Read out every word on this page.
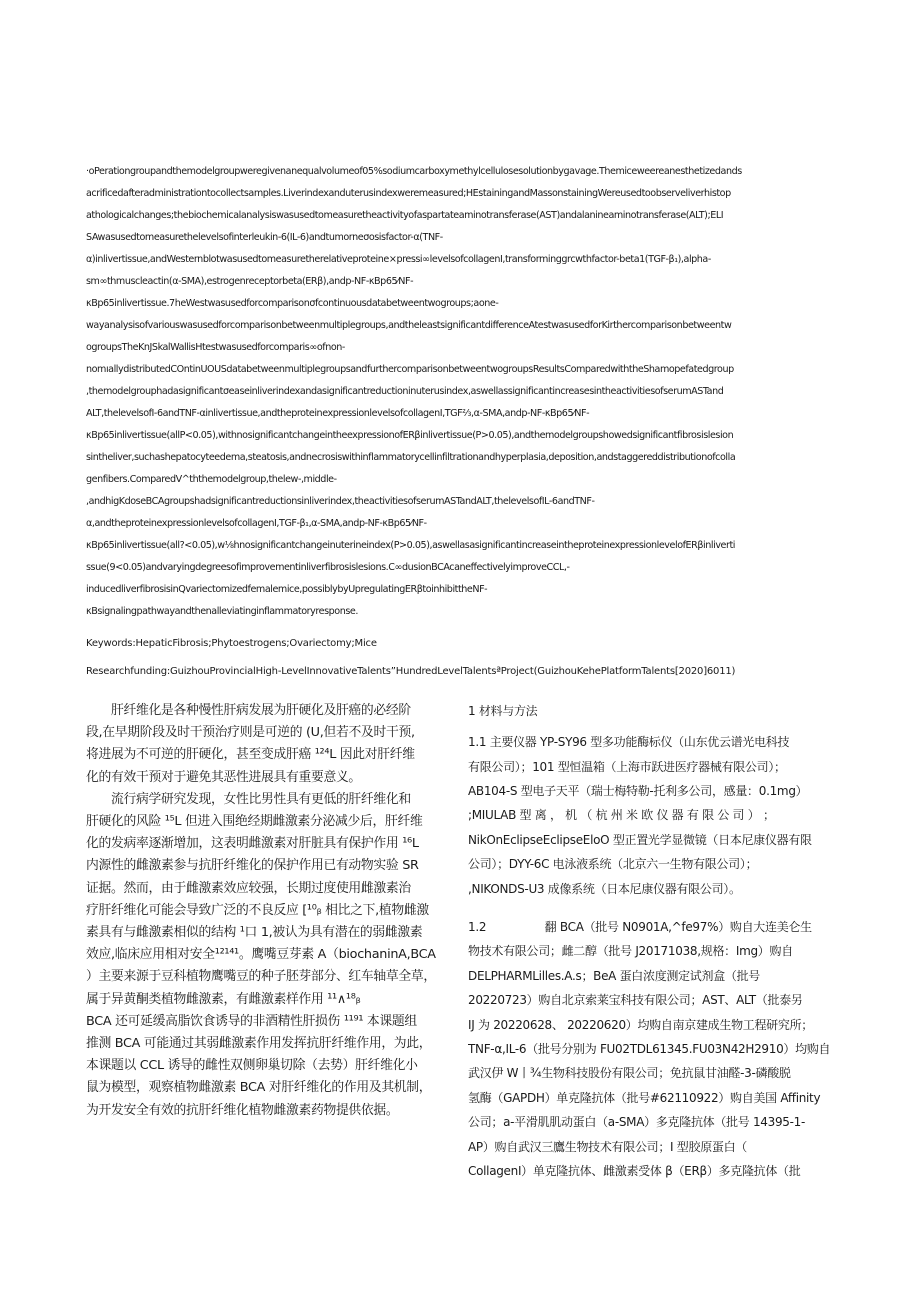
·oPerationgroupandthemodelgroupweregivenanequalvolumeof05%sodiumcarboxymethylcellulosesolutionbygavage.Themiceweereanesthetizedands

acrificedafteradministrationtocollectsamples.Liverindexanduterusindexweremeasured;HEstainingandMassonstainingWereusedtoobserveliverhistop

athologicalchanges;thebiochemicalanalysiswasusedtomeasuretheactivityofaspartateaminotransferase(AST)andalanineaminotransferase(ALT);ELI

SAwasusedtomeasurethelevelsofinterleukin-6(IL-6)andtumorneσosisfactor-α(TNF-

α)inlivertissue,andWesternblotwasusedtomeasuretherelativeproteine×pressi∞levelsofcollagenI,transforminggrcwthfactor-beta1(TGF-β₁),alpha-

sm∞thmuscleactin(α-SMA),estrogenreceptorbeta(ERβ),andp-NF-κBp65⁄NF-

κBp65inlivertissue.7heWestwasusedforcomparisonσfcontinuousdatabetweentwogroups;aone-

wayanalysisofvariouswasusedforcomparisonbetweenmultiplegroups,andtheleastsignificantdifferenceAtestwasusedforKirthercomparisonbetweentw

ogroupsTheKnJSkalWallisHtestwasusedforcomparis∞ofnon-

nomıallydistributedCOntinUOUSdatabetweenmultiplegroupsandfurthercomparisonbetweentwogroupsResultsComparedwiththeShamopefatedgroup

,themodelgrouphadasignificantσeaseinliverindexandasignificantreductioninuterusindex,aswellassignificantincreasesintheactivitiesofserumASTand

ALT,thelevelsofI-6andTNF-αinlivertissue,andtheproteinexpressionlevelsofcollagenI,TGF⅔,α-SMA,andp-NF-κBp65⁄NF-

κBp65inlivertissue(allP<0.05),withnosignificantchangeintheexpressionofERβinlivertissue(P>0.05),andthemodelgroupshowedsignificantfibrosislesion

sintheliver,suchashepatocyteedema,steatosis,andnecrosiswithinflammatorycellinfiltrationandhyperplasia,deposition,andstaggereddistributionofcolla

genfibers.ComparedV^ththemodelgroup,thelew-,middle-

,andhigKdoseBCAgroupshadsignificantreductionsinliverindex,theactivitiesofserumASTandALT,thelevelsofIL-6andTNF-

α,andtheproteinexpressionlevelsofcollagenI,TGF-β₁,α-SMA,andp-NF-κBp65⁄NF-

κBp65inlivertissue(all?<0.05),w⅛hnosignificantchangeinuterineindex(P>0.05),aswellasasignificantincreaseintheproteinexpressionlevelofERβinliverti

ssue(9<0.05)andvaryingdegreesofimprovementinliverfibrosislesions.C∞dusionBCAcaneffectivelyimproveCCL,-

inducedliverfibrosisinQvariectomizedfemalemice,possiblybyUpregulatingERβtoinhibittheNF-

κBsignalingpathwayandthenalleviatinginflammatoryresponse.

Keywords:HepaticFibrosis;Phytoestrogens;Ovariectomy;Mice

Researchfunding:GuizhouProvincialHigh-LevelInnovativeTalents”HundredLevelTalentsªProject(GuizhouKehePlatformTalents[2020]6011)

　　肝纤维化是各种慢性肝病发展为肝硬化及肝癌的必经阶

段,在早期阶段及时干预治疗则是可逆的 (U,但若不及时干预,

将进展为不可逆的肝硬化，甚至变成肝癌 ¹²⁴L 因此对肝纤维

化的有效干预对于避免其恶性进展具有重要意义。

　　流行病学研究发现，女性比男性具有更低的肝纤维化和

肝硬化的风险 ¹⁵L 但进入围绝经期雌激素分泌减少后，肝纤维

化的发病率逐渐增加，这表明雌激素对肝脏具有保护作用 ¹⁶L

内源性的雌激素参与抗肝纤维化的保护作用已有动物实验 SR

证据。然而，由于雌激素效应较强，长期过度使用雌激素治

疗肝纤维化可能会导致广泛的不良反应 [¹⁰ᵦ 相比之下,植物雌激

素具有与雌激素相似的结构 ¹口 1,被认为具有潜在的弱雌激素

效应,临床应用相对安全¹²¹⁴¹。鹰嘴豆芽素 A（biochaninA,BCA

）主要来源于豆科植物鹰嘴豆的种子胚芽部分、红车轴草全草，

属于异黄酮类植物雌激素，有雌激素样作用 ¹¹∧¹⁸ᵦ

BCA 还可延缓高脂饮食诱导的非酒精性肝损伤 ¹¹⁹¹ 本课题组

推测 BCA 可能通过其弱雌激素作用发挥抗肝纤维作用，为此，

本课题以 CCL 诱导的雌性双侧卵巢切除（去势）肝纤维化小

鼠为模型，观察植物雌激素 BCA 对肝纤维化的作用及其机制，

为开发安全有效的抗肝纤维化植物雌激素药物提供依据。

1 材料与方法

1.1 主要仪器 YP-SY96 型多功能酶标仪（山东优云谱光电科技

有限公司）；101 型恒温箱（上海市跃进医疗器械有限公司）；

AB104-S 型电子天平（瑞士梅特勒-托利多公司，感量：0.1mg）

;MIULAB 型 离 ， 机 （ 杭 州 米 欧 仪 器 有 限 公 司 ） ；

NikOnEclipseEclipseEloO 型正置光学显微镜（日本尼康仪器有限

公司）；DYY-6C 电泳液系统（北京六一生物有限公司）；

,NIKONDS-U3 成像系统（日本尼康仪器有限公司）。

1.2　　　　　翻 BCA（批号 N0901A,^fe97%）购自大连美仑生

物技术有限公司；雌二醇（批号 J20171038,规格：Img）购自

DELPHARMLilles.A.s；BeA 蛋白浓度测定试剂盒（批号

20220723）购自北京索莱宝科技有限公司；AST、ALT（批泰另

IJ 为 20220628、 20220620）均购自南京建成生物工程研究所；

TNF-α,IL-6（批号分别为 FU02TDL61345.FU03N42H2910）均购自

武汉伊 W丨¾生物科技股份有限公司；免抗鼠甘油醛-3-磷酸脱

氢酶（GAPDH）单克隆抗体（批号#62110922）购自美国 Affinity

公司；a-平滑肌肌动蛋白（a-SMA）多克隆抗体（批号 14395-1-

AP）购自武汉三鷹生物技术有限公司；I 型胶原蛋白（

CollagenI）单克隆抗体、雌激素受体 β（ERβ）多克隆抗体（批
